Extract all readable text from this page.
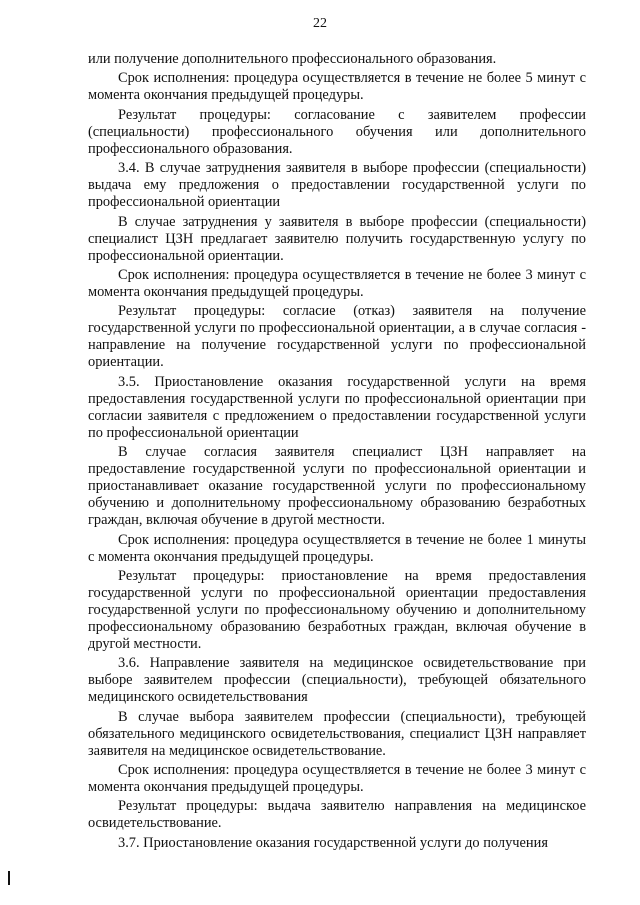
22

или получение дополнительного профессионального образования.

Срок исполнения: процедура осуществляется в течение не более 5 минут с момента окончания предыдущей процедуры.

Результат процедуры: согласование с заявителем профессии (специальности) профессионального обучения или дополнительного профессионального образования.

3.4. В случае затруднения заявителя в выборе профессии (специальности) выдача ему предложения о предоставлении государственной услуги по профессиональной ориентации

В случае затруднения у заявителя в выборе профессии (специальности) специалист ЦЗН предлагает заявителю получить государственную услугу по профессиональной ориентации.

Срок исполнения: процедура осуществляется в течение не более 3 минут с момента окончания предыдущей процедуры.

Результат процедуры: согласие (отказ) заявителя на получение государственной услуги по профессиональной ориентации, а в случае согласия - направление на получение государственной услуги по профессиональной ориентации.

3.5. Приостановление оказания государственной услуги на время предоставления государственной услуги по профессиональной ориентации при согласии заявителя с предложением о предоставлении государственной услуги по профессиональной ориентации

В случае согласия заявителя специалист ЦЗН направляет на предоставление государственной услуги по профессиональной ориентации и приостанавливает оказание государственной услуги по профессиональному обучению и дополнительному профессиональному образованию безработных граждан, включая обучение в другой местности.

Срок исполнения: процедура осуществляется в течение не более 1 минуты с момента окончания предыдущей процедуры.

Результат процедуры: приостановление на время предоставления государственной услуги по профессиональной ориентации предоставления государственной услуги по профессиональному обучению и дополнительному профессиональному образованию безработных граждан, включая обучение в другой местности.

3.6. Направление заявителя на медицинское освидетельствование при выборе заявителем профессии (специальности), требующей обязательного медицинского освидетельствования

В случае выбора заявителем профессии (специальности), требующей обязательного медицинского освидетельствования, специалист ЦЗН направляет заявителя на медицинское освидетельствование.

Срок исполнения: процедура осуществляется в течение не более 3 минут с момента окончания предыдущей процедуры.

Результат процедуры: выдача заявителю направления на медицинское освидетельствование.

3.7. Приостановление оказания государственной услуги до получения
